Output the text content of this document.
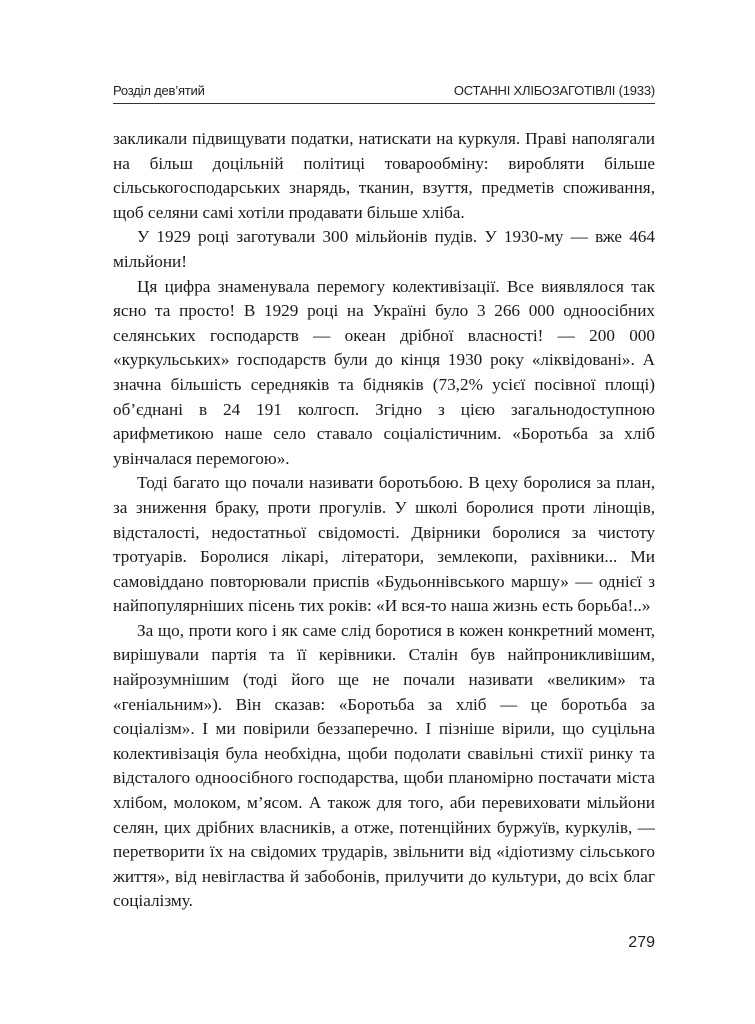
Розділ дев’ятий	ОСТАННІ ХЛІБОЗАГОТІВЛІ (1933)

закликали підвищувати податки, натискати на куркуля. Праві наполягали на більш доцільній політиці товарообміну: виробляти більше сільськогосподарських знарядь, тканин, взуття, предметів споживання, щоб селяни самі хотіли продавати більше хліба.

У 1929 році заготували 300 мільйонів пудів. У 1930-му — вже 464 мільйони!

Ця цифра знаменувала перемогу колективізації. Все виявлялося так ясно та просто! В 1929 році на Україні було 3 266 000 одноосібних селянських господарств — океан дрібної власності! — 200 000 «куркульських» господарств були до кінця 1930 року «ліквідовані». А значна більшість середняків та бідняків (73,2% усієї посівної площі) об’єднані в 24 191 колгосп. Згідно з цією загальнодоступною арифметикою наше село ставало соціалістичним. «Боротьба за хліб увінчалася перемогою».

Тоді багато що почали називати боротьбою. В цеху боролися за план, за зниження браку, проти прогулів. У школі боролися проти лінощів, відсталості, недостатньої свідомості. Двірники боролися за чистоту тротуарів. Боролися лікарі, літератори, землекопи, рахівники... Ми самовіддано повторювали приспів «Будьоннівського маршу» — однієї з найпопулярніших пісень тих років: «И вся-то наша жизнь есть борьба!..»

За що, проти кого і як саме слід боротися в кожен конкретний момент, вирішували партія та її керівники. Сталін був найпроникливішим, найрозумнішим (тоді його ще не почали називати «великим» та «геніальним»). Він сказав: «Боротьба за хліб — це боротьба за соціалізм». І ми повірили беззаперечно. І пізніше вірили, що суцільна колективізація була необхідна, щоби подолати свавільні стихії ринку та відсталого одноосібного господарства, щоби планомірно постачати міста хлібом, молоком, м’ясом. А також для того, аби перевиховати мільйони селян, цих дрібних власників, а отже, потенційних буржуїв, куркулів, — перетворити їх на свідомих трударів, звільнити від «ідіотизму сільського життя», від невігластва й забобонів, прилучити до культури, до всіх благ соціалізму.

279
